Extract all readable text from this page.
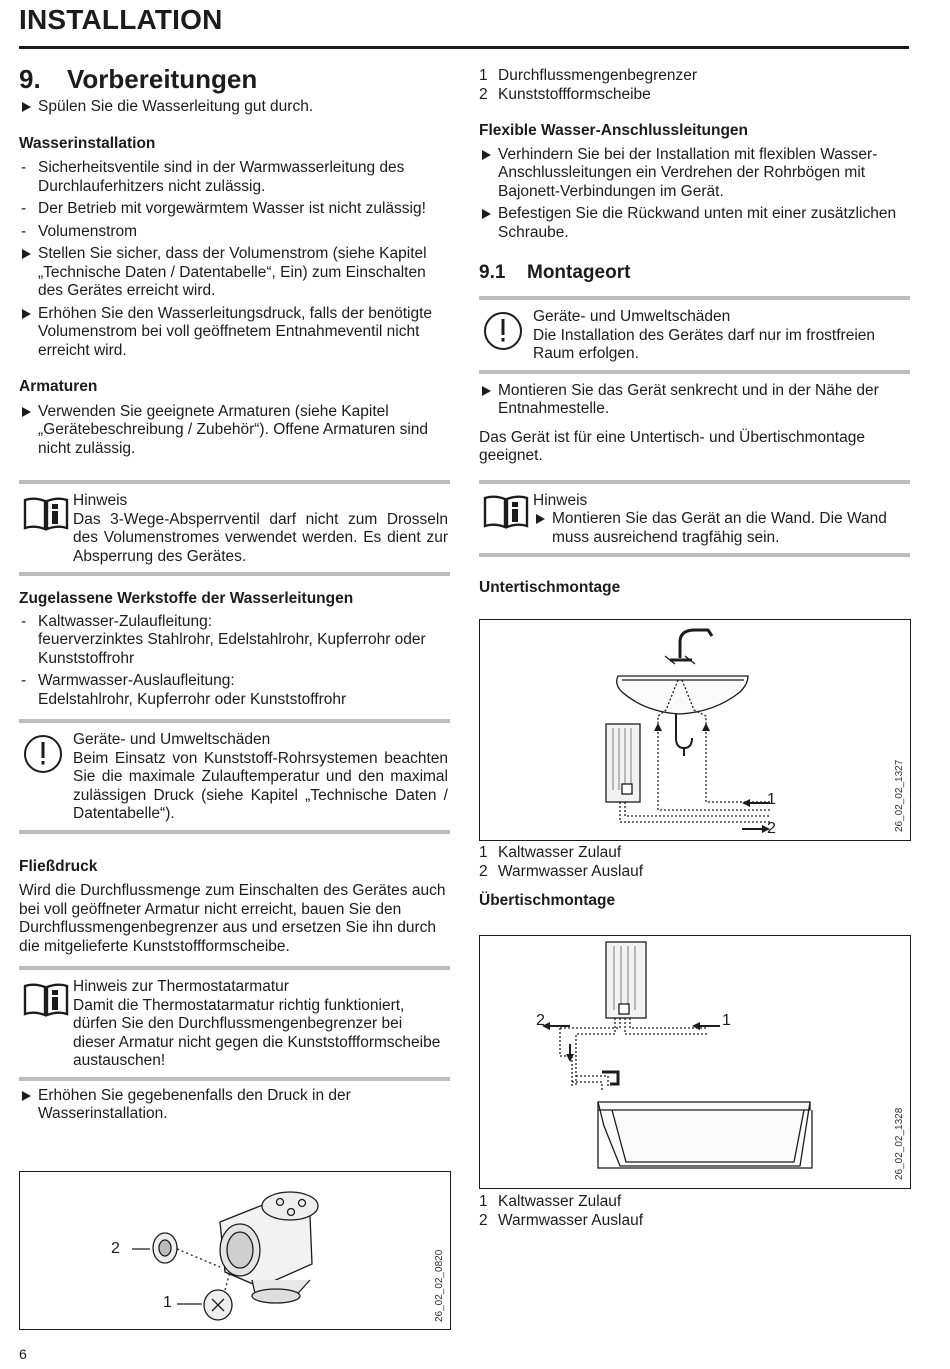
INSTALLATION
9. Vorbereitungen
Spülen Sie die Wasserleitung gut durch.

Wasserinstallation

- Sicherheitsventile sind in der Warmwasserleitung des Durchlauferhitzers nicht zulässig.
- Der Betrieb mit vorgewärmtem Wasser ist nicht zulässig!
- Volumenstrom
Stellen Sie sicher, dass der Volumenstrom (siehe Kapitel „Technische Daten / Datentabelle“, Ein) zum Einschalten des Gerätes erreicht wird.
Erhöhen Sie den Wasserleitungsdruck, falls der benötigte Volumenstrom bei voll geöffnetem Entnahmeventil nicht erreicht wird.

Armaturen

Verwenden Sie geeignete Armaturen (siehe Kapitel „Gerätebeschreibung / Zubehör“). Offene Armaturen sind nicht zulässig.
Hinweis
Das 3-Wege-Absperrventil darf nicht zum Drosseln des Volumenstromes verwendet werden. Es dient zur Absperrung des Gerätes.

Zugelassene Werkstoffe der Wasserleitungen

- Kaltwasser-Zulaufleitung:
feuerverzinktes Stahlrohr, Edelstahlrohr, Kupferrohr oder Kunststoffrohr
- Warmwasser-Auslaufleitung:
Edelstahlrohr, Kupferrohr oder Kunststoffrohr
Geräte- und Umweltschäden
Beim Einsatz von Kunststoff-Rohrsystemen beachten Sie die maximale Zulauftemperatur und den maximal zulässigen Druck (siehe Kapitel „Technische Daten / Datentabelle“).

Fließdruck

Wird die Durchflussmenge zum Einschalten des Gerätes auch bei voll geöffneter Armatur nicht erreicht, bauen Sie den Durchflussmengenbegrenzer aus und ersetzen Sie ihn durch die mitgelieferte Kunststoffformscheibe.

Hinweis zur Thermostatarmatur
Damit die Thermostatarmatur richtig funktioniert, dürfen Sie den Durchflussmengenbegrenzer bei dieser Armatur nicht gegen die Kunststoffformscheibe austauschen!
Erhöhen Sie gegebenenfalls den Druck in der Wasserinstallation.
2
1	26_02_02_0820
1 Durchflussmengenbegrenzer
2 Kunststoffformscheibe

Flexible Wasser-Anschlussleitungen

Verhindern Sie bei der Installation mit flexiblen Wasser-Anschlussleitungen ein Verdrehen der Rohrbögen mit Bajonett-Verbindungen im Gerät.
Befestigen Sie die Rückwand unten mit einer zusätzlichen Schraube.
9.1 Montageort
Geräte- und Umweltschäden
Die Installation des Gerätes darf nur im frostfreien Raum erfolgen.
Montieren Sie das Gerät senkrecht und in der Nähe der Entnahmestelle.

Das Gerät ist für eine Untertisch- und Übertischmontage geeignet.

Hinweis
Montieren Sie das Gerät an die Wand. Die Wand muss ausreichend tragfähig sein.

Untertischmontage

1
2	26_02_02_1327
1 Kaltwasser Zulauf
2 Warmwasser Auslauf

Übertischmontage

2	1
26_02_02_1328
1 Kaltwasser Zulauf
2 Warmwasser Auslauf
6
